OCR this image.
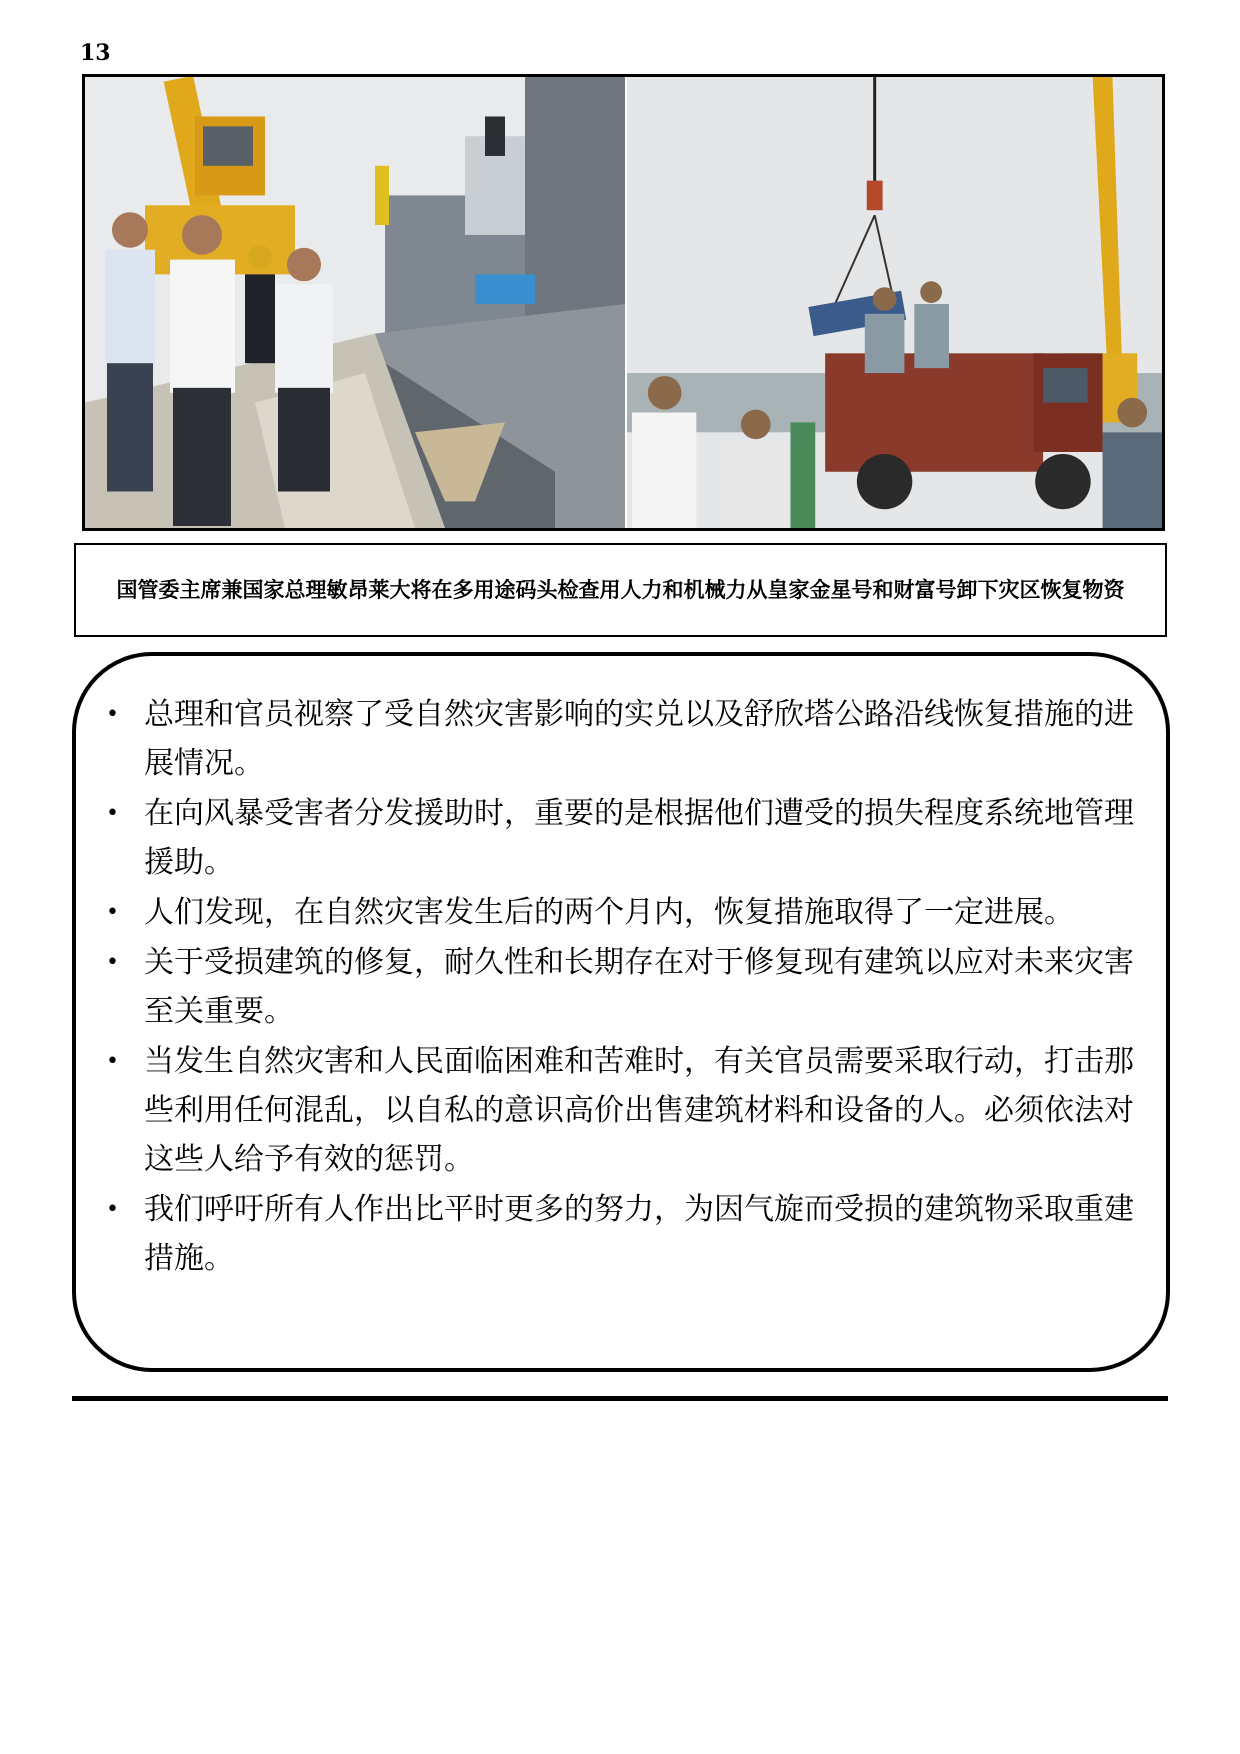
13
国管委主席兼国家总理敏昂莱大将在多用途码头检查用人力和机械力从皇家金星号和财富号卸下灾区恢复物资
• 总理和官员视察了受自然灾害影响的实兑以及舒欣塔公路沿线恢复措施的进展情况。
• 在向风暴受害者分发援助时，重要的是根据他们遭受的损失程度系统地管理援助。
• 人们发现，在自然灾害发生后的两个月内，恢复措施取得了一定进展。
• 关于受损建筑的修复，耐久性和长期存在对于修复现有建筑以应对未来灾害至关重要。
• 当发生自然灾害和人民面临困难和苦难时，有关官员需要采取行动，打击那些利用任何混乱，以自私的意识高价出售建筑材料和设备的人。必须依法对这些人给予有效的惩罚。
• 我们呼吁所有人作出比平时更多的努力，为因气旋而受损的建筑物采取重建措施。
